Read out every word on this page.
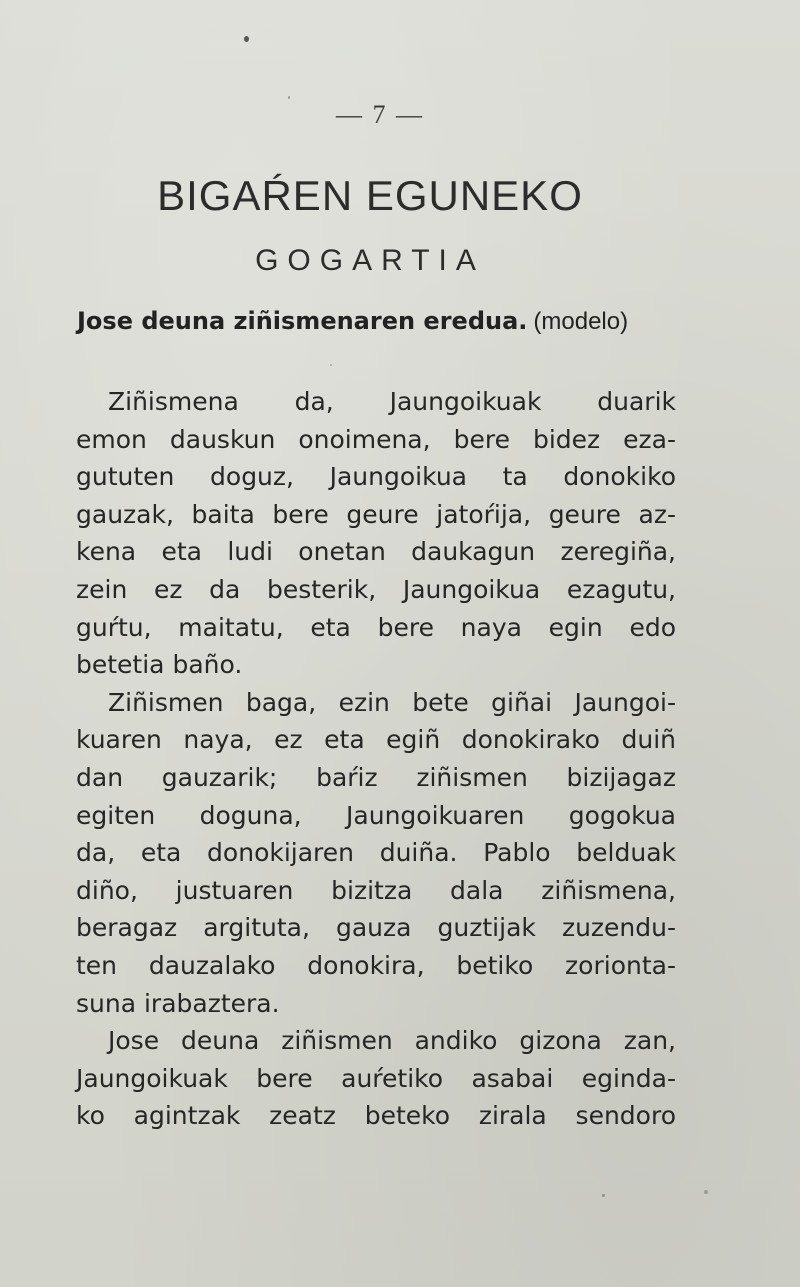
— 7 —
BIGAŔEN EGUNEKO
GOGARTIA
Jose deuna ziñismenaren eredua. (modelo)
Ziñismena da, Jaungoikuak duarik
emon dauskun onoimena, bere bidez eza-
gututen doguz, Jaungoikua ta donokiko
gauzak, baita bere geure jatoŕija, geure az-
kena eta ludi onetan daukagun zeregiña,
zein ez da besterik, Jaungoikua ezagutu,
guŕtu, maitatu, eta bere naya egin edo
betetia baño.
Ziñismen baga, ezin bete giñai Jaungoi-
kuaren naya, ez eta egiñ donokirako duiñ
dan gauzarik; baŕiz ziñismen bizijagaz
egiten doguna, Jaungoikuaren gogokua
da, eta donokijaren duiña. Pablo belduak
diño, justuaren bizitza dala ziñismena,
beragaz argituta, gauza guztijak zuzendu-
ten dauzalako donokira, betiko zorionta-
suna irabaztera.
Jose deuna ziñismen andiko gizona zan,
Jaungoikuak bere auŕetiko asabai eginda-
ko agintzak zeatz beteko zirala sendoro
